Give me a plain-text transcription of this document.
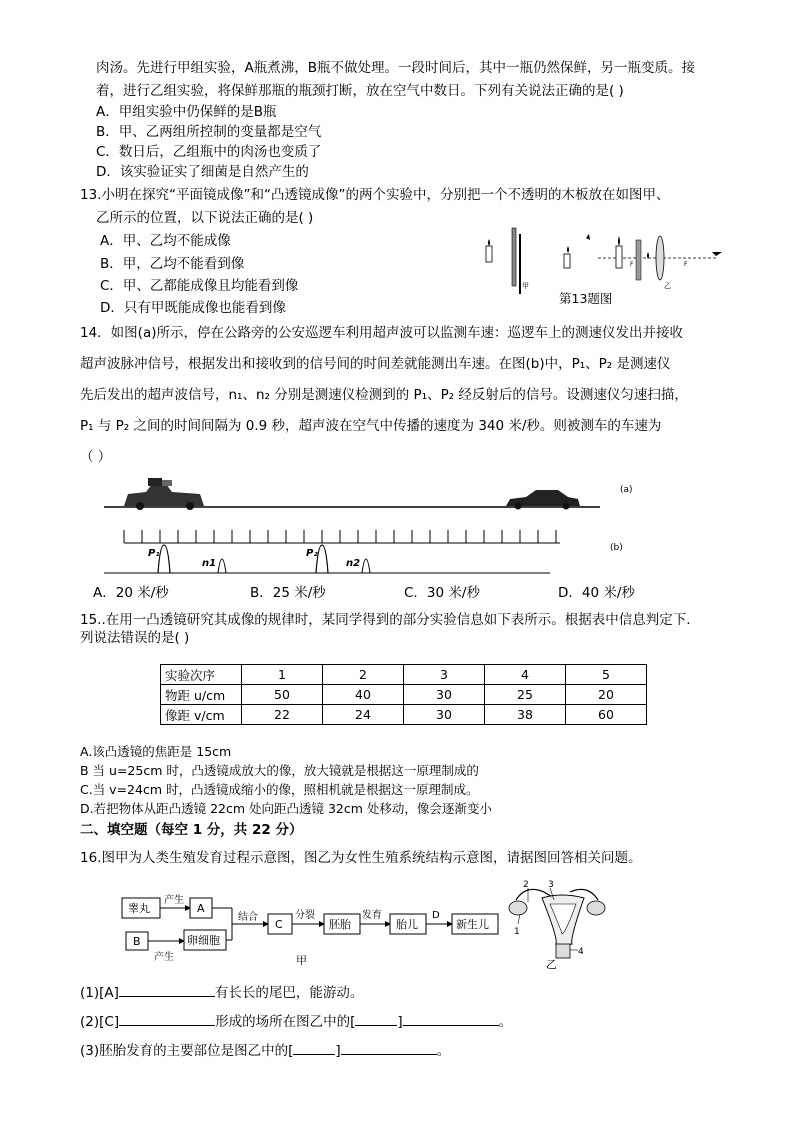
肉汤。先进行甲组实验，A瓶煮沸，B瓶不做处理。一段时间后，其中一瓶仍然保鲜，另一瓶变质。接
着，进行乙组实验，将保鲜那瓶的瓶颈打断，放在空气中数日。下列有关说法正确的是( )
A．甲组实验中仍保鲜的是B瓶
B．甲、乙两组所控制的变量都是空气
C．数日后，乙组瓶中的肉汤也变质了
D．该实验证实了细菌是自然产生的
13.小明在探究“平面镜成像”和“凸透镜成像”的两个实验中，分别把一个不透明的木板放在如图甲、
乙所示的位置，以下说法正确的是( )
A．甲、乙均不能成像
B．甲，乙均不能看到像
C．甲、乙都能成像且均能看到像
D．只有甲既能成像也能看到像
甲
F	F
乙
第13题图
14．如图(a)所示，停在公路旁的公安巡逻车利用超声波可以监测车速：巡逻车上的测速仪发出并接收
超声波脉冲信号，根据发出和接收到的信号间的时间差就能测出车速。在图(b)中，P₁、P₂ 是测速仪
先后发出的超声波信号，n₁、n₂ 分别是测速仪检测到的 P₁、P₂ 经反射后的信号。设测速仪匀速扫描，
P₁ 与 P₂ 之间的时间间隔为 0.9 秒，超声波在空气中传播的速度为 340 米/秒。则被测车的车速为
（ ）
(a)
P₁
n1
P₂
n2
(b)
A．20 米/秒	B．25 米/秒	C．30 米/秒	D．40 米/秒
15..在用一凸透镜研究其成像的规律时，某同学得到的部分实验信息如下表所示。根据表中信息判定下.
列说法错误的是( )
实验次序	1	2	3	4	5
物距 u/cm	50	40	30	25	20
像距 v/cm	22	24	30	38	60
A.该凸透镜的焦距是 15cm
B 当 u=25cm 时，凸透镜成放大的像，放大镜就是根据这一原理制成的
C.当 v=24cm 时，凸透镜成缩小的像，照相机就是根据这一原理制成。
D.若把物体从距凸透镜 22cm 处向距凸透镜 32cm 处移动，像会逐渐变小
二、填空题（每空 1 分，共 22 分）
16.图甲为人类生殖发育过程示意图，图乙为女性生殖系统结构示意图，请据图回答相关问题。
睾丸
产生
A
B
产生
卵细胞
结合
C
分裂
胚胎
发育
胎儿
D
新生儿
甲
2 3
1
4
乙
(1)[A]	有长长的尾巴，能游动。
(2)[C]	形成的场所在图乙中的[	]	。
(3)胚胎发育的主要部位是图乙中的[	]	。
